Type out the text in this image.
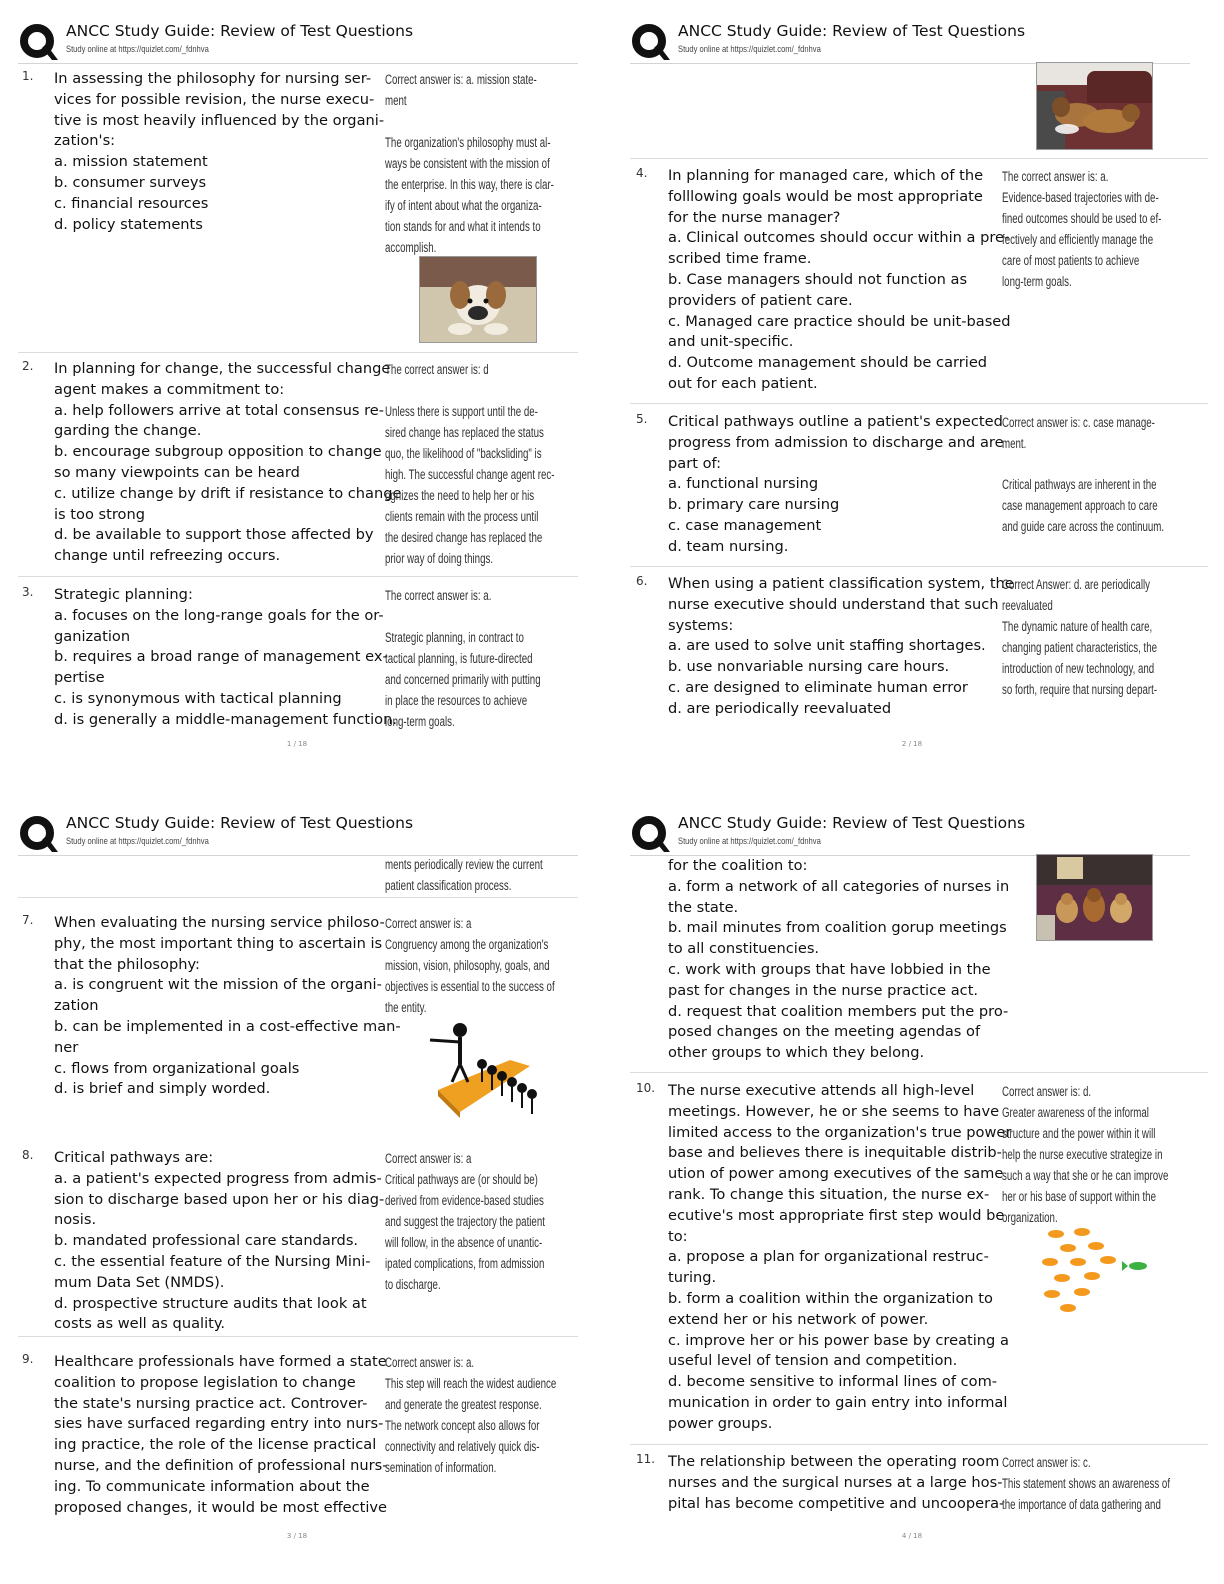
ANCC Study Guide: Review of Test Questions
Study online at https://quizlet.com/_fdnhva
1.	In assessing the philosophy for nursing ser-
vices for possible revision, the nurse execu-
tive is most heavily influenced by the organi-
zation's:
a. mission statement
b. consumer surveys
c. financial resources
d. policy statements
Correct answer is: a. mission state-
ment
The organization's philosophy must al-
ways be consistent with the mission of
the enterprise. In this way, there is clar-
ify of intent about what the organiza-
tion stands for and what it intends to
accomplish.
2.	In planning for change, the successful change
agent makes a commitment to:
a. help followers arrive at total consensus re-
garding the change.
b. encourage subgroup opposition to change
so many viewpoints can be heard
c. utilize change by drift if resistance to change
is too strong
d. be available to support those affected by
change until refreezing occurs.
The correct answer is: d
Unless there is support until the de-
sired change has replaced the status
quo, the likelihood of "backsliding" is
high. The successful change agent rec-
ognizes the need to help her or his
clients remain with the process until
the desired change has replaced the
prior way of doing things.
3.	Strategic planning:
a. focuses on the long-range goals for the or-
ganization
b. requires a broad range of management ex-
pertise
c. is synonymous with tactical planning
d. is generally a middle-management function.
The correct answer is: a.
Strategic planning, in contract to
tactical planning, is future-directed
and concerned primarily with putting
in place the resources to achieve
long-term goals.
1 / 18
ANCC Study Guide: Review of Test Questions
Study online at https://quizlet.com/_fdnhva
4.	In planning for managed care, which of the
folllowing goals would be most appropriate
for the nurse manager?
a. Clinical outcomes should occur within a pre-
scribed time frame.
b. Case managers should not function as
providers of patient care.
c. Managed care practice should be unit-based
and unit-specific.
d. Outcome management should be carried
out for each patient.
The correct answer is: a.
Evidence-based trajectories with de-
fined outcomes should be used to ef-
fectively and efficiently manage the
care of most patients to achieve
long-term goals.
5.	Critical pathways outline a patient's expected
progress from admission to discharge and are
part of:
a. functional nursing
b. primary care nursing
c. case management
d. team nursing.
Correct answer is: c. case manage-
ment.
Critical pathways are inherent in the
case management approach to care
and guide care across the continuum.
6.	When using a patient classification system, the
nurse executive should understand that such
systems:
a. are used to solve unit staffing shortages.
b. use nonvariable nursing care hours.
c. are designed to eliminate human error
d. are periodically reevaluated
Correct Answer: d. are periodically
reevaluated
The dynamic nature of health care,
changing patient characteristics, the
introduction of new technology, and
so forth, require that nursing depart-
2 / 18
ANCC Study Guide: Review of Test Questions
Study online at https://quizlet.com/_fdnhva
ments periodically review the current
patient classification process.
7.	When evaluating the nursing service philoso-
phy, the most important thing to ascertain is
that the philosophy:
a. is congruent wit the mission of the organi-
zation
b. can be implemented in a cost-effective man-
ner
c. flows from organizational goals
d. is brief and simply worded.
Correct answer is: a
Congruency among the organization's
mission, vision, philosophy, goals, and
objectives is essential to the success of
the entity.
8.	Critical pathways are:
a. a patient's expected progress from admis-
sion to discharge based upon her or his diag-
nosis.
b. mandated professional care standards.
c. the essential feature of the Nursing Mini-
mum Data Set (NMDS).
d. prospective structure audits that look at
costs as well as quality.
Correct answer is: a
Critical pathways are (or should be)
derived from evidence-based studies
and suggest the trajectory the patient
will follow, in the absence of unantic-
ipated complications, from admission
to discharge.
9.	Healthcare professionals have formed a state
coalition to propose legislation to change
the state's nursing practice act. Controver-
sies have surfaced regarding entry into nurs-
ing practice, the role of the license practical
nurse, and the definition of professional nurs-
ing. To communicate information about the
proposed changes, it would be most effective
Correct answer is: a.
This step will reach the widest audience
and generate the greatest response.
The network concept also allows for
connectivity and relatively quick dis-
semination of information.
3 / 18
ANCC Study Guide: Review of Test Questions
Study online at https://quizlet.com/_fdnhva
for the coalition to:
a. form a network of all categories of nurses in
the state.
b. mail minutes from coalition gorup meetings
to all constituencies.
c. work with groups that have lobbied in the
past for changes in the nurse practice act.
d. request that coalition members put the pro-
posed changes on the meeting agendas of
other groups to which they belong.
10. The nurse executive attends all high-level
meetings. However, he or she seems to have
limited access to the organization's true power
base and believes there is inequitable distrib-
ution of power among executives of the same
rank. To change this situation, the nurse ex-
ecutive's most appropriate first step would be
to:
a. propose a plan for organizational restruc-
turing.
b. form a coalition within the organization to
extend her or his network of power.
c. improve her or his power base by creating a
useful level of tension and competition.
d. become sensitive to informal lines of com-
munication in order to gain entry into informal
power groups.
Correct answer is: d.
Greater awareness of the informal
structure and the power within it will
help the nurse executive strategize in
such a way that she or he can improve
her or his base of support within the
organization.
11. The relationship between the operating room
nurses and the surgical nurses at a large hos-
pital has become competitive and uncoopera-
Correct answer is: c.
This statement shows an awareness of
the importance of data gathering and
4 / 18
